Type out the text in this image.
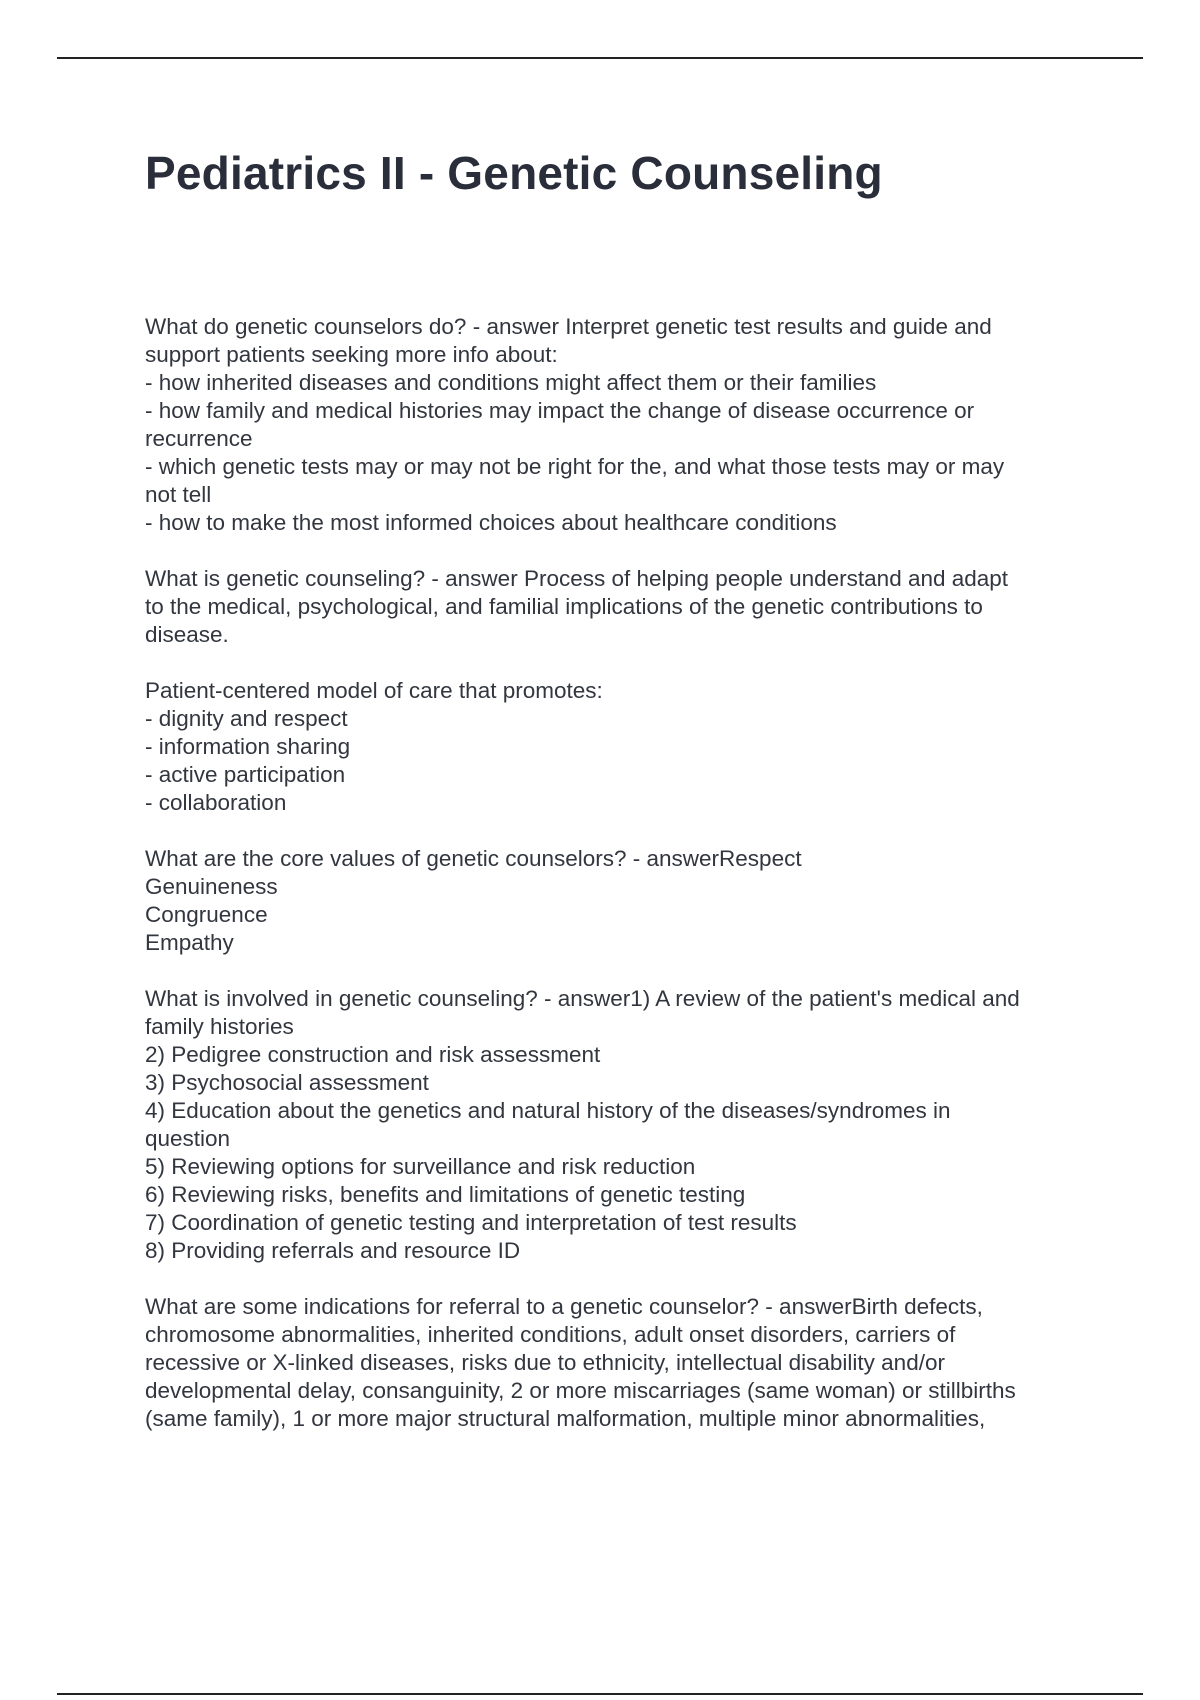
Pediatrics II - Genetic Counseling
What do genetic counselors do? - answer Interpret genetic test results and guide and
support patients seeking more info about:
- how inherited diseases and conditions might affect them or their families
- how family and medical histories may impact the change of disease occurrence or
recurrence
- which genetic tests may or may not be right for the, and what those tests may or may
not tell
- how to make the most informed choices about healthcare conditions
What is genetic counseling? - answer Process of helping people understand and adapt
to the medical, psychological, and familial implications of the genetic contributions to
disease.
Patient-centered model of care that promotes:
- dignity and respect
- information sharing
- active participation
- collaboration
What are the core values of genetic counselors? - answerRespect
Genuineness
Congruence
Empathy
What is involved in genetic counseling? - answer1) A review of the patient's medical and
family histories
2) Pedigree construction and risk assessment
3) Psychosocial assessment
4) Education about the genetics and natural history of the diseases/syndromes in
question
5) Reviewing options for surveillance and risk reduction
6) Reviewing risks, benefits and limitations of genetic testing
7) Coordination of genetic testing and interpretation of test results
8) Providing referrals and resource ID
What are some indications for referral to a genetic counselor? - answerBirth defects,
chromosome abnormalities, inherited conditions, adult onset disorders, carriers of
recessive or X-linked diseases, risks due to ethnicity, intellectual disability and/or
developmental delay, consanguinity, 2 or more miscarriages (same woman) or stillbirths
(same family), 1 or more major structural malformation, multiple minor abnormalities,
